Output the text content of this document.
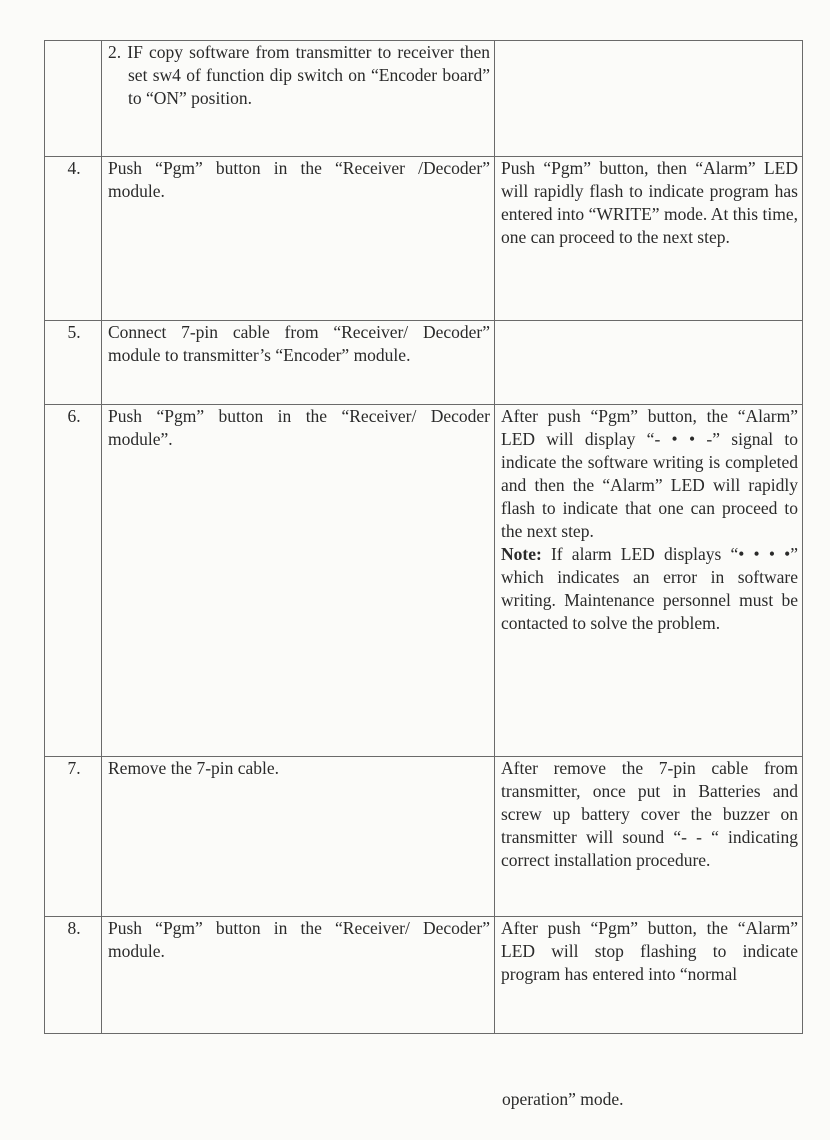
	2. IF copy software from transmitter to receiver then set sw4 of function dip switch on “Encoder board” to “ON” position.	

4.	Push “Pgm” button in the “Receiver /Decoder” module.	Push “Pgm” button, then “Alarm” LED will rapidly flash to indicate program has entered into “WRITE” mode. At this time, one can proceed to the next step.
5.	Connect 7-pin cable from “Receiver/ Decoder” module to transmitter’s “Encoder” module.	
6.	Push “Pgm” button in the “Receiver/ Decoder module”.	After push “Pgm” button, the “Alarm” LED will display “- • • -” signal to indicate the software writing is completed and then the “Alarm” LED will rapidly flash to indicate that one can proceed to the next step.
Note: If alarm LED displays “• • • •” which indicates an error in software writing. Maintenance personnel must be contacted to solve the problem.
7.	Remove the 7-pin cable.	After remove the 7-pin cable from transmitter, once put in Batteries and screw up battery cover the buzzer on transmitter will sound “- - “ indicating correct installation procedure.
8.	Push “Pgm” button in the “Receiver/ Decoder” module.	After push “Pgm” button, the “Alarm” LED will stop flashing to indicate program has entered into “normal
operation” mode.
